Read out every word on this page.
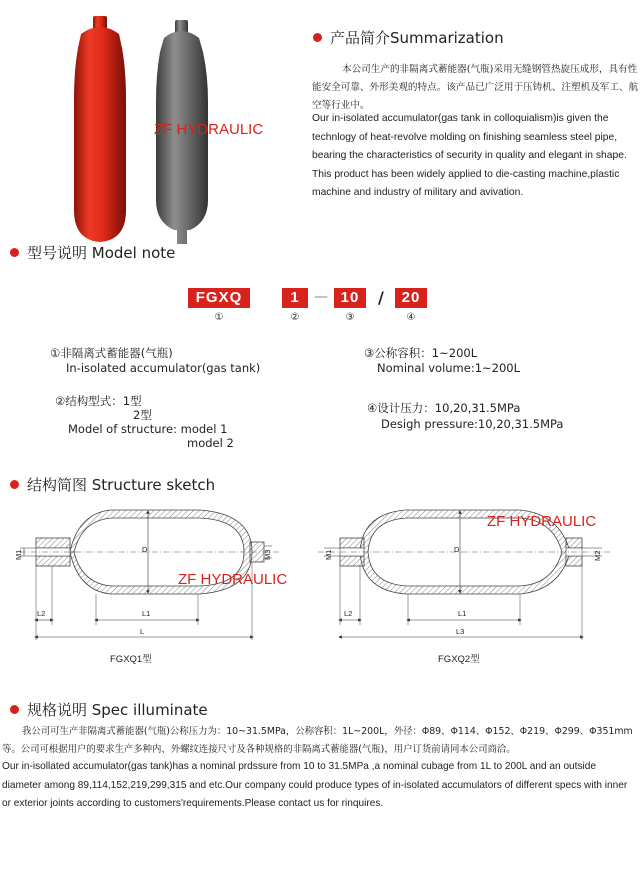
ZF HYDRAULIC
产品简介Summarization
本公司生产的非隔离式蓄能器(气瓶)采用无缝钢管热旋压成形，具有性能安全可靠、外形美观的特点。该产品已广泛用于压铸机、注塑机及军工、航空等行业中。
Our in-isolated accumulator(gas tank in colloquialism)is given the technlogy of heat-revolve molding on finishing seamless steel pipe, bearing the characteristics of security in quality and elegant in shape. This product has been widely applied to die-casting machine,plastic machine and industry of military and avivation.
型号说明 Model note
FGXQ	1	— 10	/	20
①	②	③	④
①非隔离式蓄能器(气瓶)
In-isolated accumulator(gas tank)
②结构型式：1型
2型
Model of structure: model 1
model 2
③公称容积：1~200L
Nominal volume:1~200L
④设计压力：10,20,31.5MPa
Desigh pressure:10,20,31.5MPa
结构简图 Structure sketch
D
M1	M3
L2	L1
L
FGXQ1型
D
M1	M2
L2	L1
L3
FGXQ2型
ZF HYDRAULIC
ZF HYDRAULIC
规格说明 Spec illuminate
我公司可生产非隔离式蓄能器(气瓶)公称压力为：10~31.5MPa，公称容积：1L~200L，外径：Φ89、Φ114、Φ152、Φ219、Φ299、Φ351mm等。公司可根据用户的要求生产多种内、外螺纹连接尺寸及各种规格的非隔离式蓄能器(气瓶)，用户订货前请同本公司商洽。
Our in-isollated accumulator(gas tank)has a nominal prdssure from 10 to 31.5MPa ,a nominal cubage from 1L to 200L and an outside diameter among 89,114,152,219,299,315 and etc.Our company could produce types of in-isolated accumulators of different specs with inner or exterior joints according to customers'requirements.Please contact us for rinquires.
